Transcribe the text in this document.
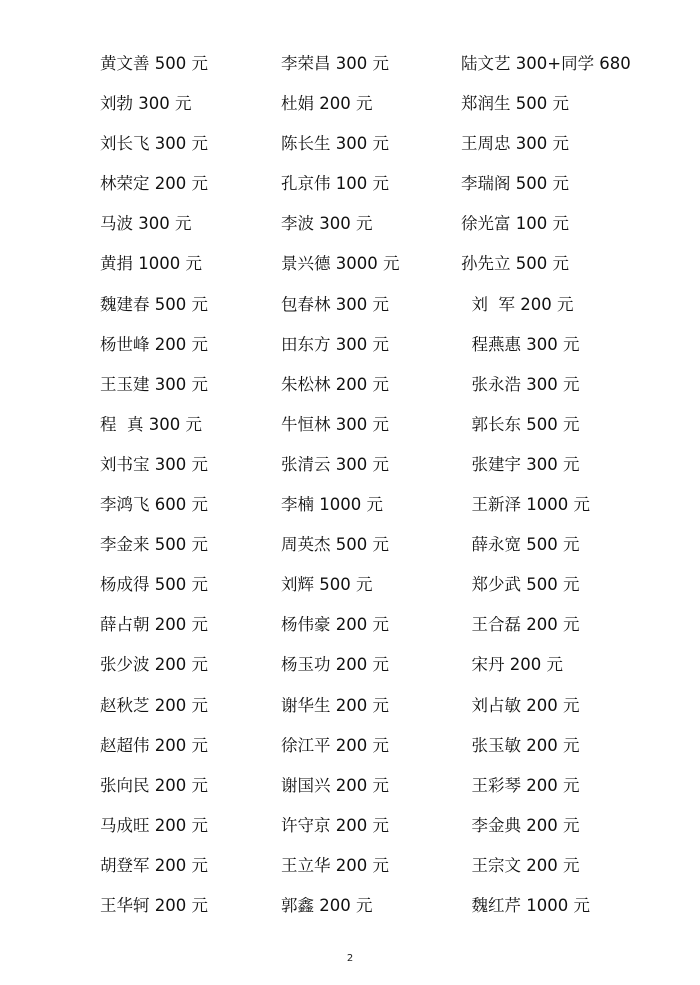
黄文善 500 元	李荣昌 300 元	陆文艺 300+同学 680
刘勃 300 元	杜娟 200 元	郑润生 500 元
刘长飞 300 元	陈长生 300 元	王周忠 300 元
林荣定 200 元	孔京伟 100 元	李瑞阁 500 元
马波 300 元	李波 300 元	徐光富 100 元
黄捐 1000 元	景兴德 3000 元	孙先立 500 元
魏建春 500 元	包春林 300 元	刘  军 200 元
杨世峰 200 元	田东方 300 元	程燕惠 300 元
王玉建 300 元	朱松林 200 元	张永浩 300 元
程  真 300 元	牛恒林 300 元	郭长东 500 元
刘书宝 300 元	张清云 300 元	张建宇 300 元
李鸿飞 600 元	李楠 1000 元	王新泽 1000 元
李金来 500 元	周英杰 500 元	薛永宽 500 元
杨成得 500 元	刘辉 500 元	郑少武 500 元
薛占朝 200 元	杨伟豪 200 元	王合磊 200 元
张少波 200 元	杨玉功 200 元	宋丹 200 元
赵秋芝 200 元	谢华生 200 元	刘占敏 200 元
赵超伟 200 元	徐江平 200 元	张玉敏 200 元
张向民 200 元	谢国兴 200 元	王彩琴 200 元
马成旺 200 元	许守京 200 元	李金典 200 元
胡登军 200 元	王立华 200 元	王宗文 200 元
王华轲 200 元	郭鑫 200 元	魏红芹 1000 元
2
